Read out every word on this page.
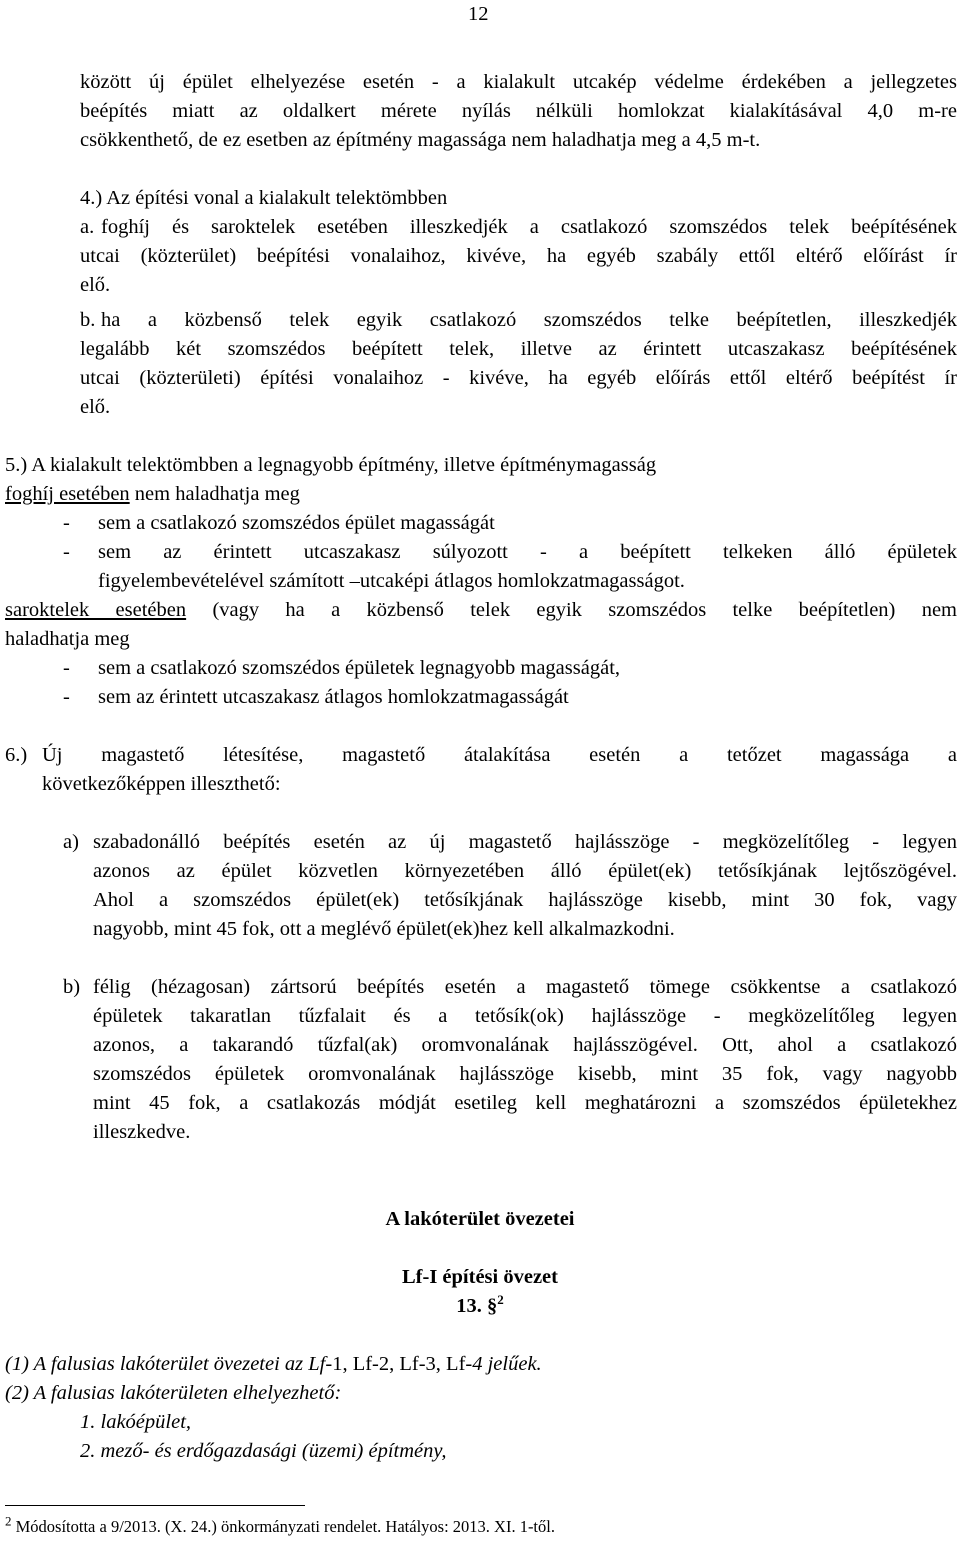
12
között új épület elhelyezése esetén - a kialakult utcakép védelme érdekében a jellegzetes
beépítés miatt az oldalkert mérete nyílás nélküli homlokzat kialakításával 4,0 m-re
csökkenthető, de ez esetben az építmény magassága nem haladhatja meg a 4,5 m-t.
4.) Az építési vonal a kialakult telektömbben
a. foghíj és saroktelek esetében illeszkedjék a csatlakozó szomszédos telek beépítésének
utcai (közterület) beépítési vonalaihoz, kivéve, ha egyéb szabály ettől eltérő előírást ír
elő.
b. ha a közbenső telek egyik csatlakozó szomszédos telke beépítetlen, illeszkedjék
legalább két szomszédos beépített telek, illetve az érintett utcaszakasz beépítésének
utcai (közterületi) építési vonalaihoz - kivéve, ha egyéb előírás ettől eltérő beépítést ír
elő.
5.) A kialakult telektömbben a legnagyobb építmény, illetve építménymagasság
foghíj esetében nem haladhatja meg
- sem a csatlakozó szomszédos épület magasságát
- sem az érintett utcaszakasz súlyozott - a beépített telkeken álló épületek
figyelembevételével számított –utcaképi átlagos homlokzatmagasságot.
saroktelek esetében (vagy ha a közbenső telek egyik szomszédos telke beépítetlen) nem
haladhatja meg
- sem a csatlakozó szomszédos épületek legnagyobb magasságát,
- sem az érintett utcaszakasz átlagos homlokzatmagasságát
6.) Új magastető létesítése, magastető átalakítása esetén a tetőzet magassága a
következőképpen illeszthető:
a) szabadonálló beépítés esetén az új magastető hajlásszöge - megközelítőleg - legyen
azonos az épület közvetlen környezetében álló épület(ek) tetősíkjának lejtőszögével.
Ahol a szomszédos épület(ek) tetősíkjának hajlásszöge kisebb, mint 30 fok, vagy
nagyobb, mint 45 fok, ott a meglévő épület(ek)hez kell alkalmazkodni.
b) félig (hézagosan) zártsorú beépítés esetén a magastető tömege csökkentse a csatlakozó
épületek takaratlan tűzfalait és a tetősík(ok) hajlásszöge - megközelítőleg legyen
azonos, a takarandó tűzfal(ak) oromvonalának hajlásszögével. Ott, ahol a csatlakozó
szomszédos épületek oromvonalának hajlásszöge kisebb, mint 35 fok, vagy nagyobb
mint 45 fok, a csatlakozás módját esetileg kell meghatározni a szomszédos épületekhez
illeszkedve.
A lakóterület övezetei
Lf-I építési övezet
13. §$^2$
(1) A falusias lakóterület övezetei az Lf-1, Lf-2, Lf-3, Lf-4 jelűek.
(2) A falusias lakóterületen elhelyezhető:
1. lakóépület,
2. mező- és erdőgazdasági (üzemi) építmény,
$^2$ Módosította a 9/2013. (X. 24.) önkormányzati rendelet. Hatályos: 2013. XI. 1-től.
